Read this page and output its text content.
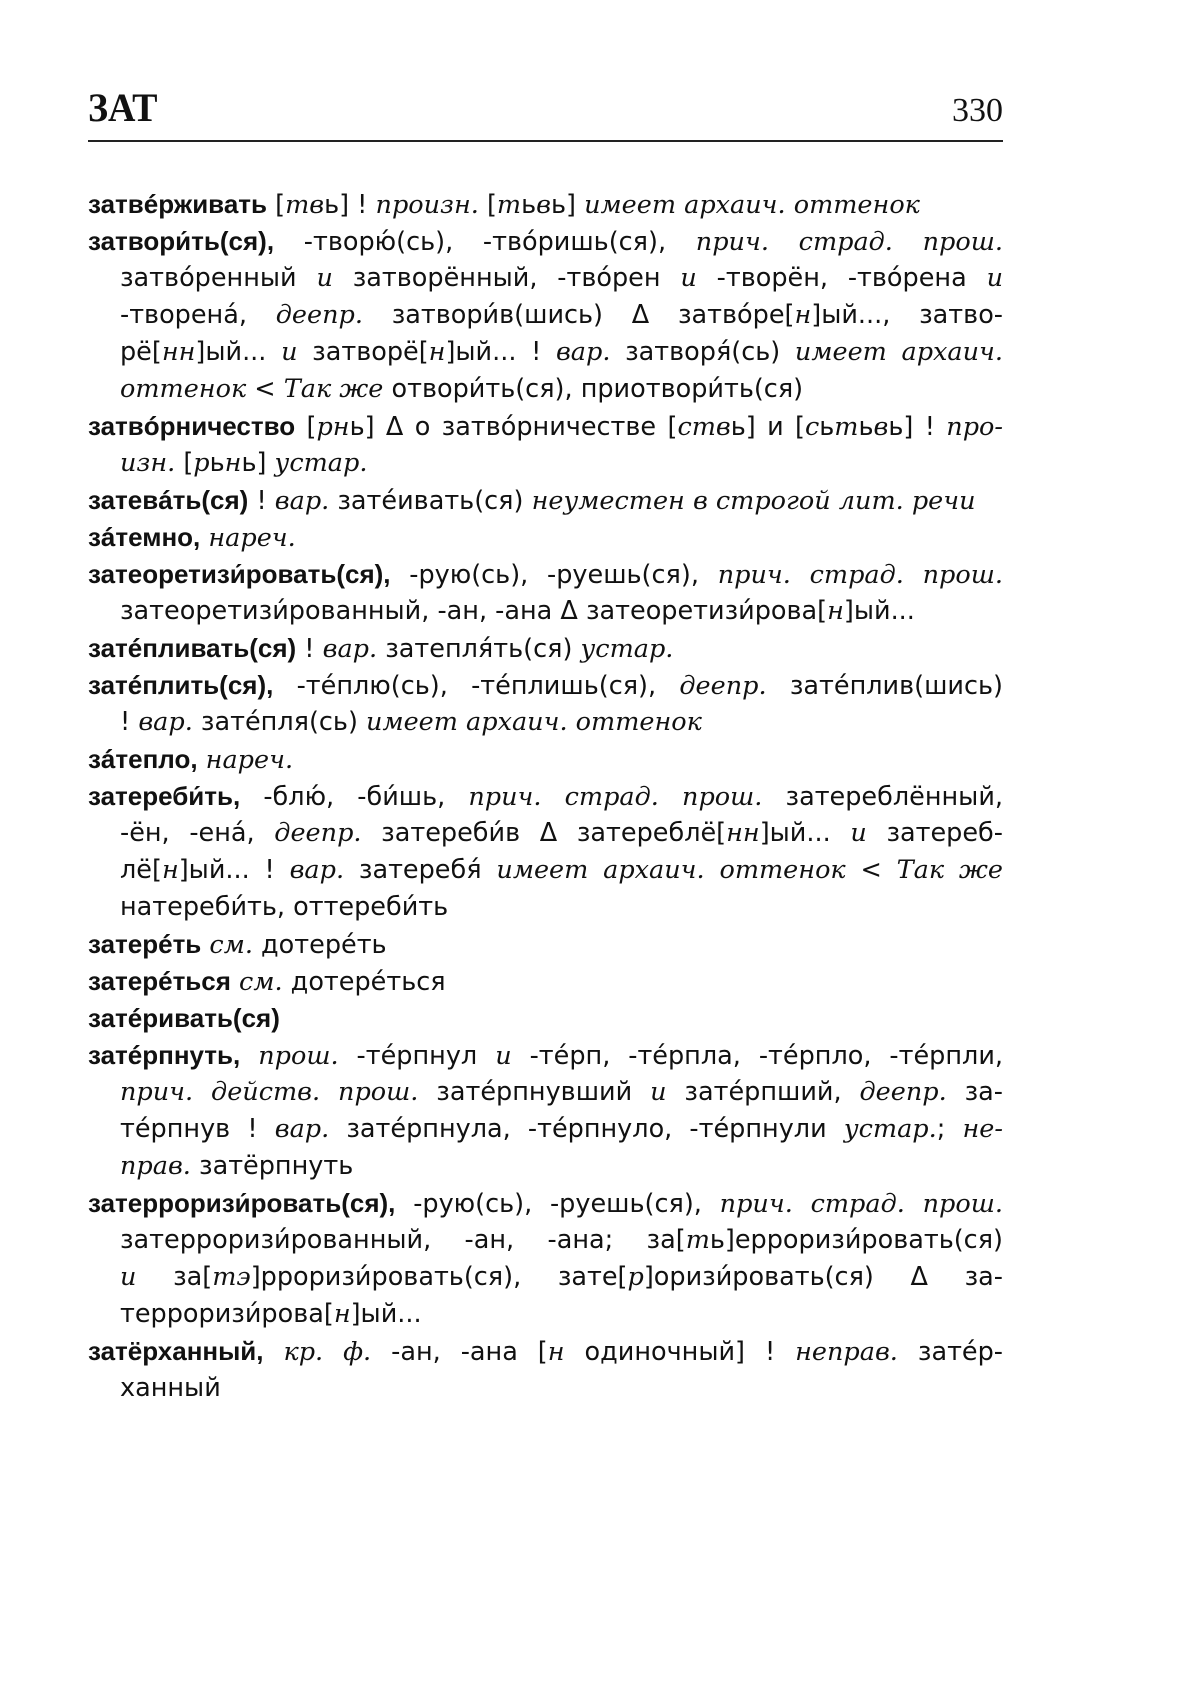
ЗАТ	330
затвéрживать [твь] ! произн. [тьвь] имеет архаич. оттенок
затвори́ть(ся), -творю́(сь), -твóришь(ся), прич. страд. прош.
затвóренный и затворённый, -твóрен и -творён, -твóрена и
-творенá, деепр. затвори́в(шись) Δ затвóре[н]ый..., затво-
рё[нн]ый... и затворё[н]ый... ! вар. затворя́(сь) имеет архаич.
оттенок < Так же отвори́ть(ся), приотвори́ть(ся)
затвóрничество [рнь] Δ о затвóрничестве [ствь] и [сьтьвь] ! про-
изн. [рьнь] устар.
затевáть(ся) ! вар. затéивать(ся) неуместен в строгой лит. речи
зáтемно, нареч.
затеоретизи́ровать(ся), -рую(сь), -руешь(ся), прич. страд. прош.
затеоретизи́рованный, -ан, -ана Δ затеоретизи́рова[н]ый...
затéпливать(ся) ! вар. затепля́ть(ся) устар.
затéплить(ся), -тéплю(сь), -тéплишь(ся), деепр. затéплив(шись)
! вар. затéпля(сь) имеет архаич. оттенок
зáтепло, нареч.
затереби́ть, -блю́, -би́шь, прич. страд. прош. затереблённый,
-ён, -енá, деепр. затереби́в Δ затереблё[нн]ый... и затереб-
лё[н]ый... ! вар. затеребя́ имеет архаич. оттенок < Так же
натереби́ть, оттереби́ть
затерéть см. дотерéть
затерéться см. дотерéться
затéривать(ся)
затéрпнуть, прош. -тéрпнул и -тéрп, -тéрпла, -тéрпло, -тéрпли,
прич. действ. прош. затéрпнувший и затéрпший, деепр. за-
тéрпнув ! вар. затéрпнула, -тéрпнуло, -тéрпнули устар.; не-
прав. затёрпнуть
затерроризи́ровать(ся), -рую(сь), -руешь(ся), прич. страд. прош.
затерроризи́рованный, -ан, -ана; за[ть]ерроризи́ровать(ся)
и за[тэ]рроризи́ровать(ся), зате[р]оризи́ровать(ся) Δ за-
терроризи́рова[н]ый...
затёрханный, кр. ф. -ан, -ана [н одиночный] ! неправ. затéр-
ханный
